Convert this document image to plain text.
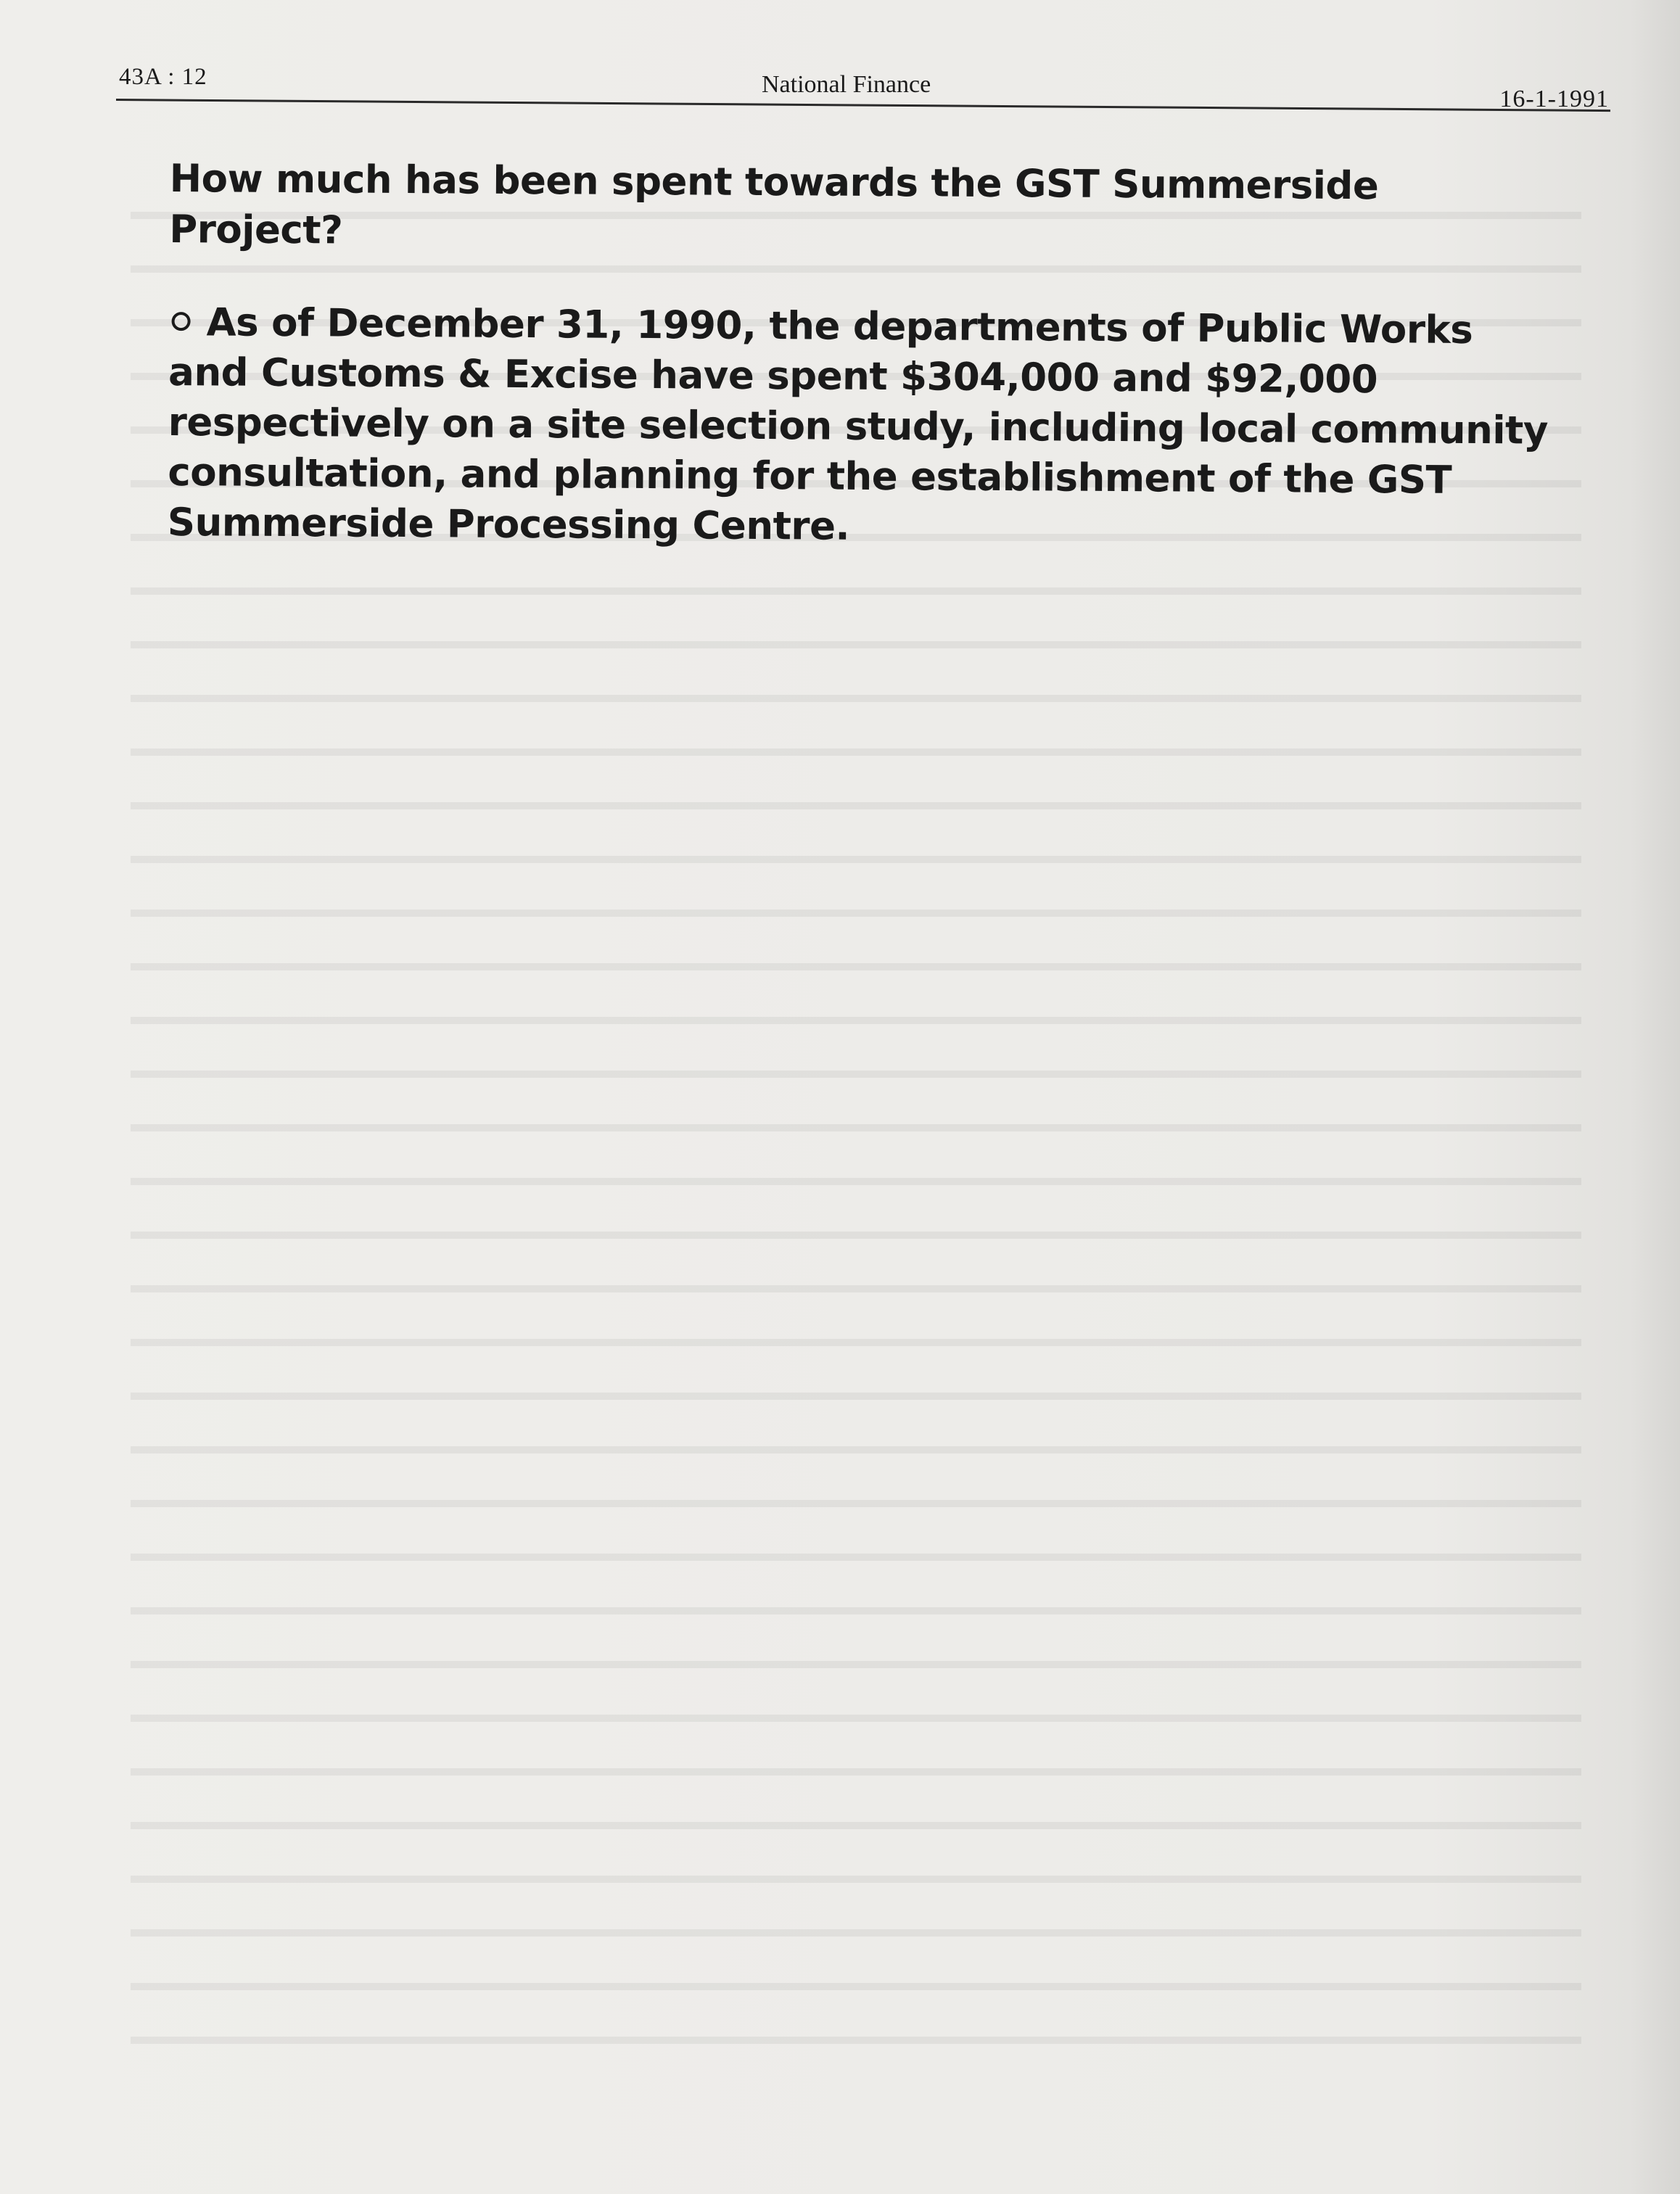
43A : 12	National Finance
16-1-1991

How much has been spent towards the GST Summerside Project?

As of December 31, 1990, the departments of Public Works and Customs & Excise have spent $304,000 and $92,000 respectively on a site selection study, including local community consultation, and planning for the establishment of the GST Summerside Processing Centre.
